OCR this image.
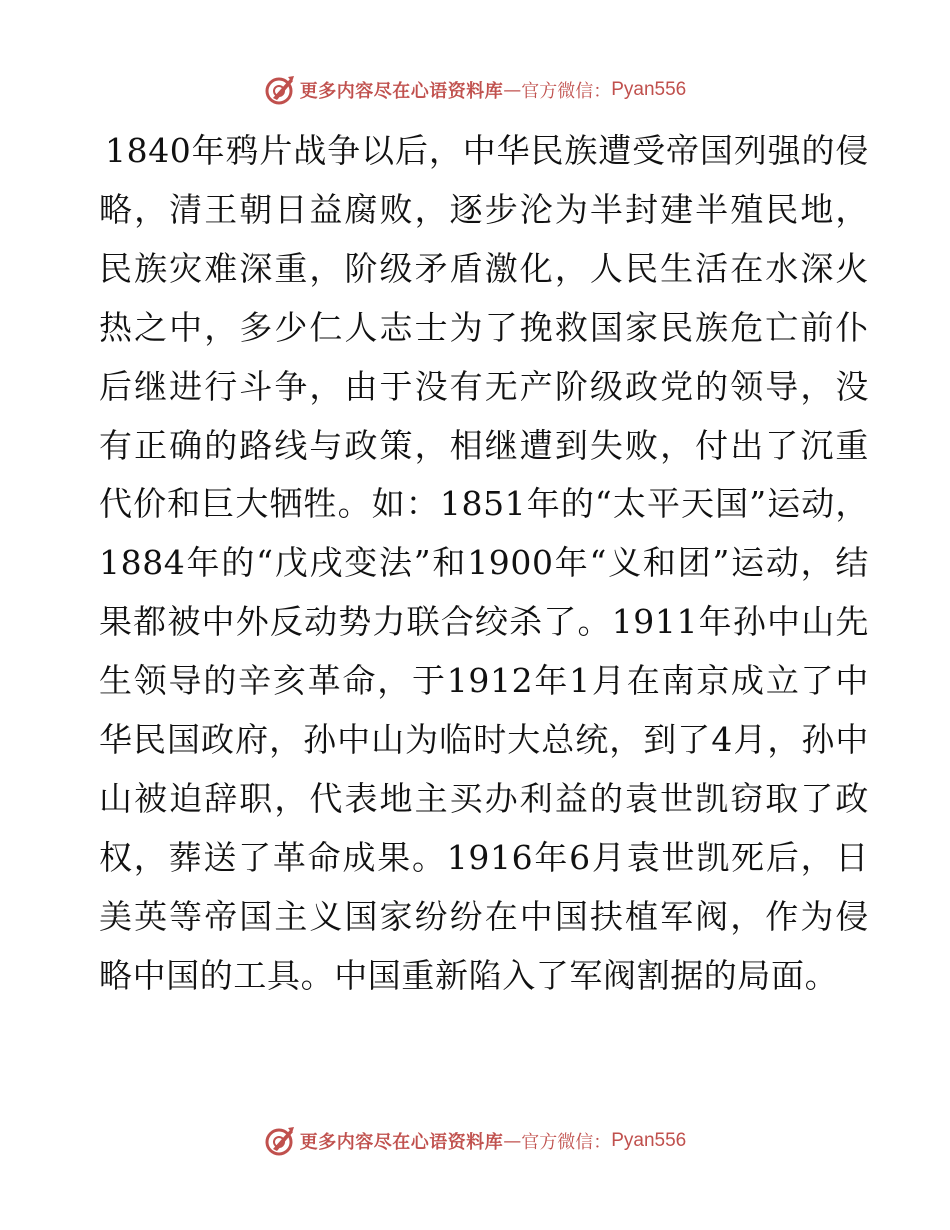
更多内容尽在心语资料库 — 官方微信： Pyan556

1840年鸦片战争以后，中华民族遭受帝国列强的侵略，清王朝日益腐败，逐步沦为半封建半殖民地，民族灾难深重，阶级矛盾激化，人民生活在水深火热之中，多少仁人志士为了挽救国家民族危亡前仆后继进行斗争，由于没有无产阶级政党的领导，没有正确的路线与政策，相继遭到失败，付出了沉重代价和巨大牺牲。如：1851年的“太平天国”运动，1884年的“戊戌变法”和1900年“义和团”运动，结果都被中外反动势力联合绞杀了。1911年孙中山先生领导的辛亥革命，于1912年1月在南京成立了中华民国政府，孙中山为临时大总统，到了4月，孙中山被迫辞职，代表地主买办利益的袁世凯窃取了政权，葬送了革命成果。1916年6月袁世凯死后，日美英等帝国主义国家纷纷在中国扶植军阀，作为侵略中国的工具。中国重新陷入了军阀割据的局面。

更多内容尽在心语资料库 — 官方微信： Pyan556
